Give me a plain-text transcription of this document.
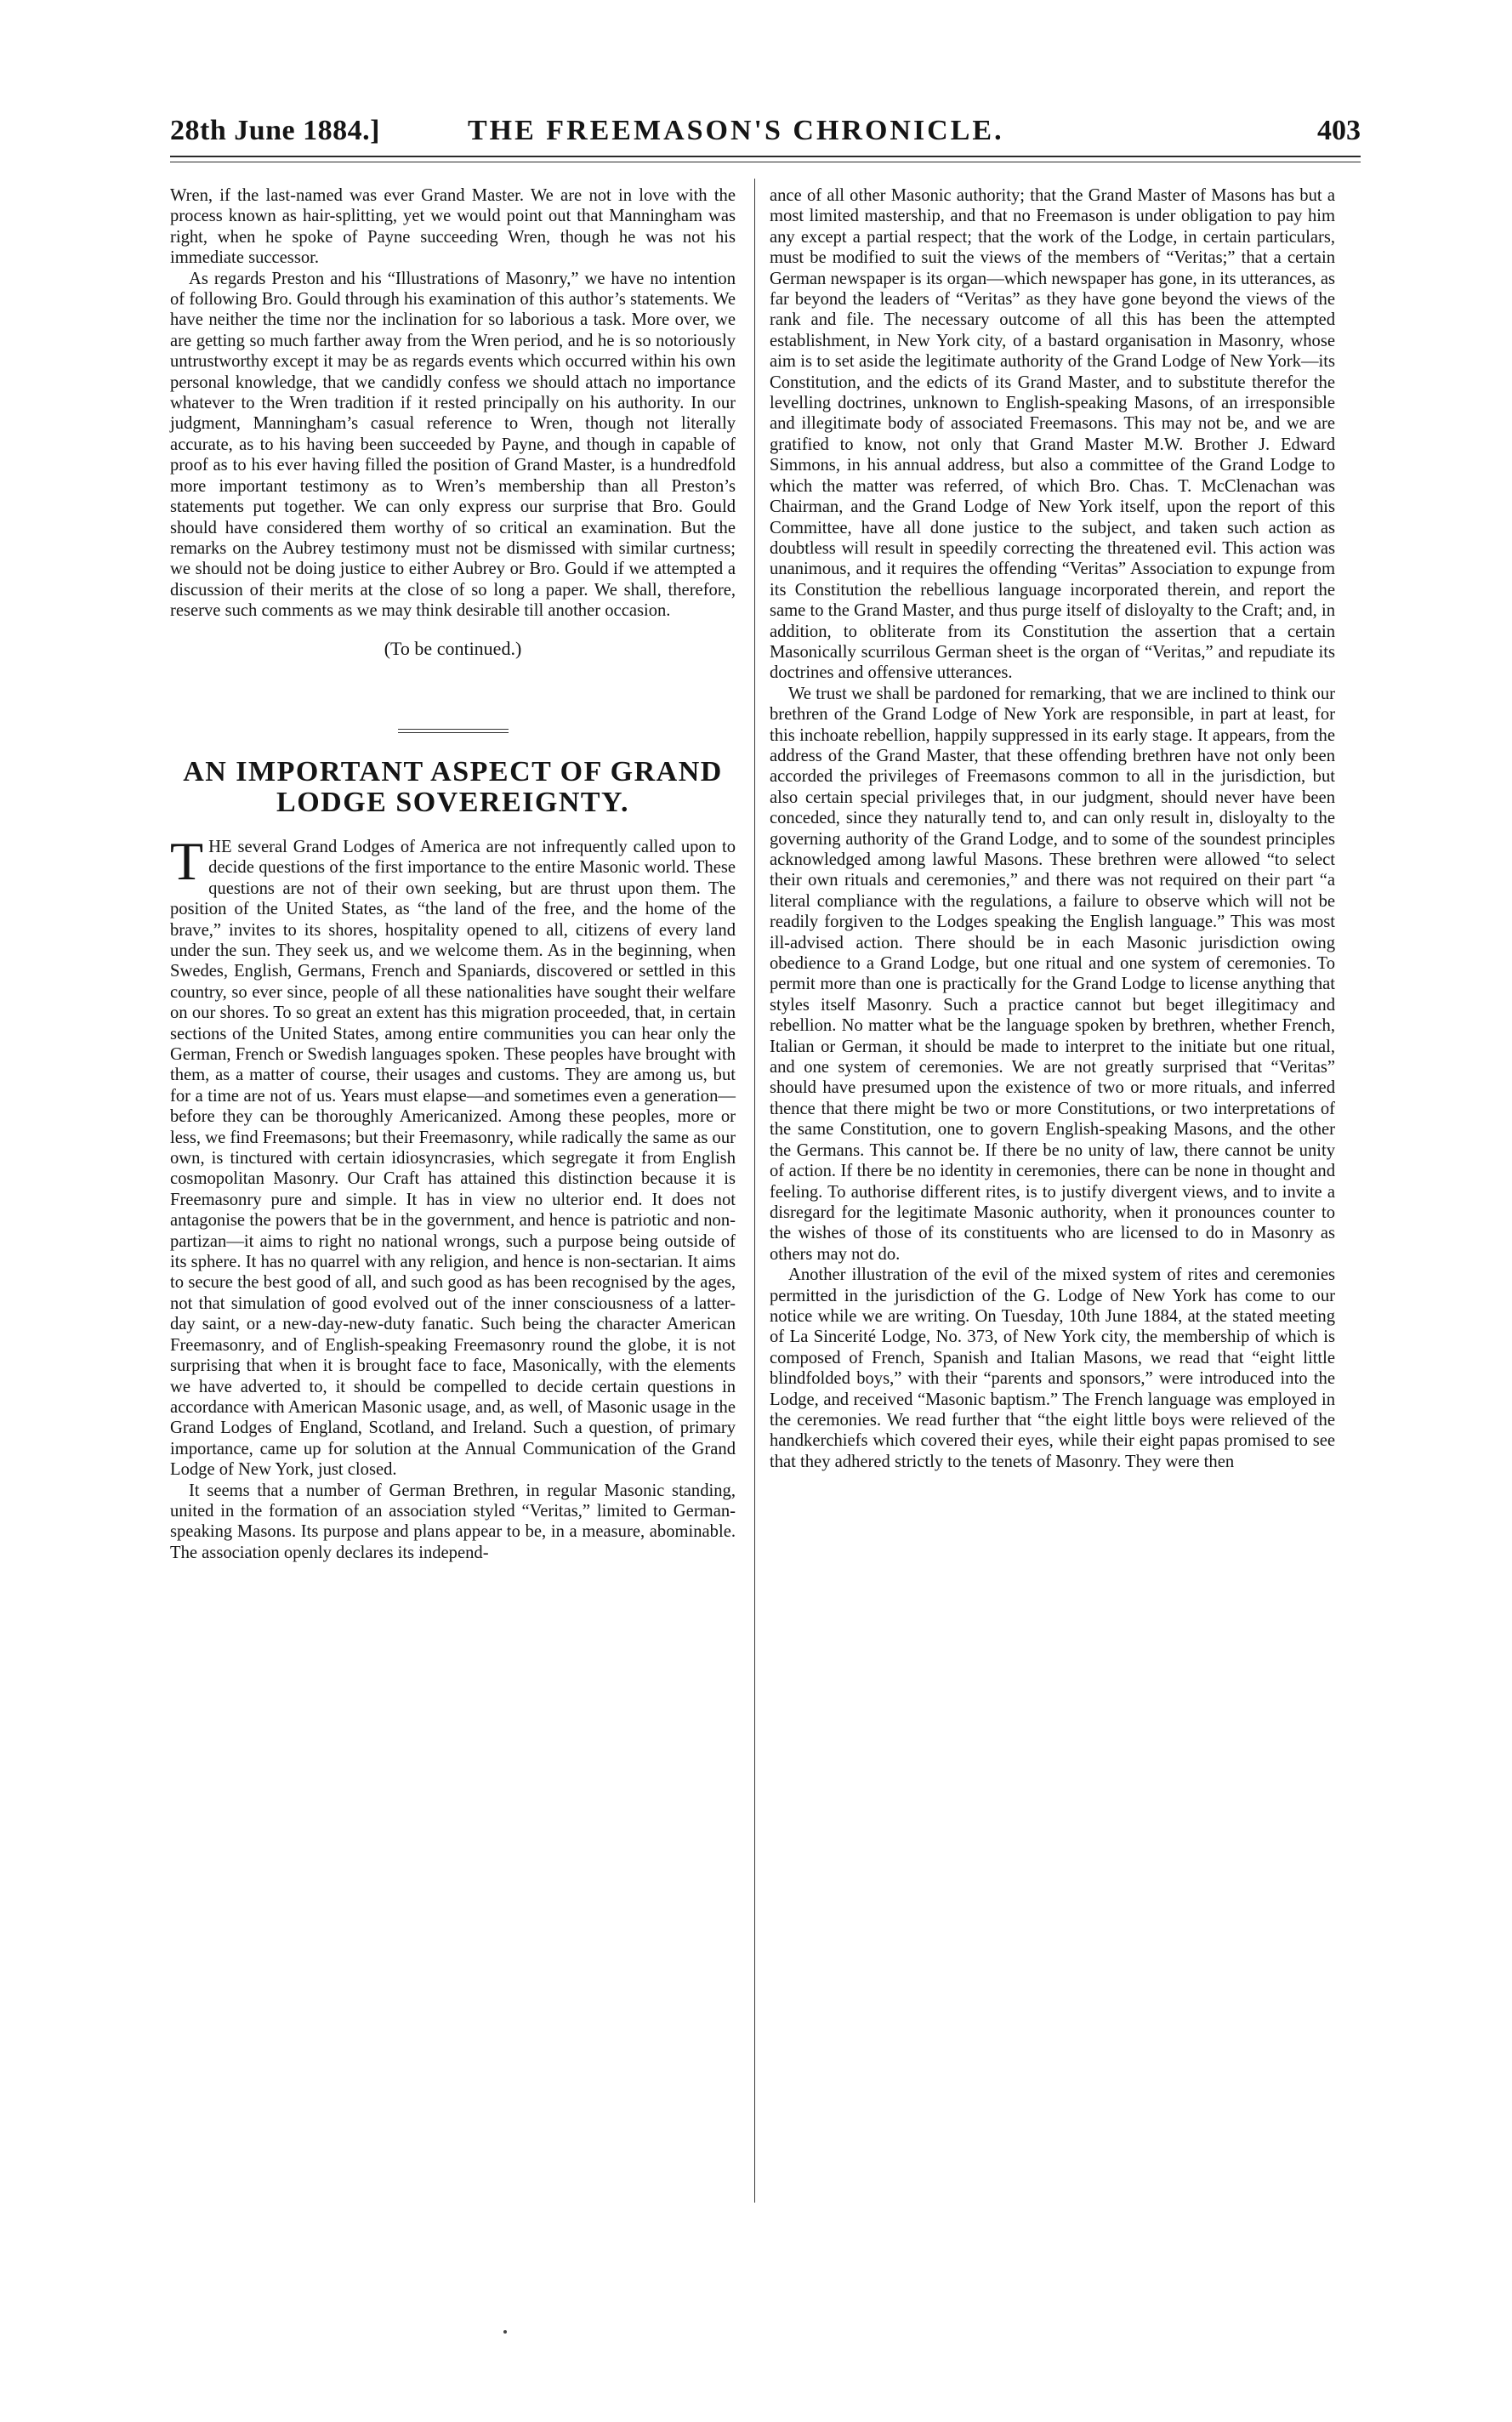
28th June 1884.]	THE FREEMASON'S CHRONICLE.	403

Wren, if the last-named was ever Grand Master. We are not in love with the process known as hair-splitting, yet we would point out that Manningham was right, when he spoke of Payne succeeding Wren, though he was not his immediate successor.

As regards Preston and his “Illustrations of Masonry,” we have no intention of following Bro. Gould through his examination of this author’s statements. We have neither the time nor the inclination for so laborious a task. More over, we are getting so much farther away from the Wren period, and he is so notoriously untrustworthy except it may be as regards events which occurred within his own personal knowledge, that we candidly confess we should attach no importance whatever to the Wren tradition if it rested principally on his authority. In our judgment, Manningham’s casual reference to Wren, though not literally accurate, as to his having been succeeded by Payne, and though in capable of proof as to his ever having filled the position of Grand Master, is a hundredfold more important testimony as to Wren’s membership than all Preston’s statements put together. We can only express our surprise that Bro. Gould should have considered them worthy of so critical an examination. But the remarks on the Aubrey testimony must not be dismissed with similar curtness; we should not be doing justice to either Aubrey or Bro. Gould if we attempted a discussion of their merits at the close of so long a paper. We shall, therefore, reserve such comments as we may think desirable till another occasion.

(To be continued.)

AN IMPORTANT ASPECT OF GRAND
LODGE SOVEREIGNTY.

THE several Grand Lodges of America are not infrequently called upon to decide questions of the first importance to the entire Masonic world. These questions are not of their own seeking, but are thrust upon them. The position of the United States, as “the land of the free, and the home of the brave,” invites to its shores, hospitality opened to all, citizens of every land under the sun. They seek us, and we welcome them. As in the beginning, when Swedes, English, Germans, French and Spaniards, discovered or settled in this country, so ever since, people of all these nationalities have sought their welfare on our shores. To so great an extent has this migration proceeded, that, in certain sections of the United States, among entire communities you can hear only the German, French or Swedish languages spoken. These peoples have brought with them, as a matter of course, their usages and customs. They are among us, but for a time are not of us. Years must elapse—and sometimes even a generation—before they can be thoroughly Americanized. Among these peoples, more or less, we find Freemasons; but their Freemasonry, while radically the same as our own, is tinctured with certain idiosyncrasies, which segregate it from English cosmopolitan Masonry. Our Craft has attained this distinction because it is Freemasonry pure and simple. It has in view no ulterior end. It does not antagonise the powers that be in the government, and hence is patriotic and non-partizan—it aims to right no national wrongs, such a purpose being outside of its sphere. It has no quarrel with any religion, and hence is non-sectarian. It aims to secure the best good of all, and such good as has been recognised by the ages, not that simulation of good evolved out of the inner consciousness of a latter-day saint, or a new-day-new-duty fanatic. Such being the character American Freemasonry, and of English-speaking Freemasonry round the globe, it is not surprising that when it is brought face to face, Masonically, with the elements we have adverted to, it should be compelled to decide certain questions in accordance with American Masonic usage, and, as well, of Masonic usage in the Grand Lodges of England, Scotland, and Ireland. Such a question, of primary importance, came up for solution at the Annual Communication of the Grand Lodge of New York, just closed.

It seems that a number of German Brethren, in regular Masonic standing, united in the formation of an association styled “Veritas,” limited to German-speaking Masons. Its purpose and plans appear to be, in a measure, abominable. The association openly declares its independ-

ance of all other Masonic authority; that the Grand Master of Masons has but a most limited mastership, and that no Freemason is under obligation to pay him any except a partial respect; that the work of the Lodge, in certain particulars, must be modified to suit the views of the members of “Veritas;” that a certain German newspaper is its organ—which newspaper has gone, in its utterances, as far beyond the leaders of “Veritas” as they have gone beyond the views of the rank and file. The necessary outcome of all this has been the attempted establishment, in New York city, of a bastard organisation in Masonry, whose aim is to set aside the legitimate authority of the Grand Lodge of New York—its Constitution, and the edicts of its Grand Master, and to substitute therefor the levelling doctrines, unknown to English-speaking Masons, of an irresponsible and illegitimate body of associated Freemasons. This may not be, and we are gratified to know, not only that Grand Master M.W. Brother J. Edward Simmons, in his annual address, but also a committee of the Grand Lodge to which the matter was referred, of which Bro. Chas. T. McClenachan was Chairman, and the Grand Lodge of New York itself, upon the report of this Committee, have all done justice to the subject, and taken such action as doubtless will result in speedily correcting the threatened evil. This action was unanimous, and it requires the offending “Veritas” Association to expunge from its Constitution the rebellious language incorporated therein, and report the same to the Grand Master, and thus purge itself of disloyalty to the Craft; and, in addition, to obliterate from its Constitution the assertion that a certain Masonically scurrilous German sheet is the organ of “Veritas,” and repudiate its doctrines and offensive utterances.

We trust we shall be pardoned for remarking, that we are inclined to think our brethren of the Grand Lodge of New York are responsible, in part at least, for this inchoate rebellion, happily suppressed in its early stage. It appears, from the address of the Grand Master, that these offending brethren have not only been accorded the privileges of Freemasons common to all in the jurisdiction, but also certain special privileges that, in our judgment, should never have been conceded, since they naturally tend to, and can only result in, disloyalty to the governing authority of the Grand Lodge, and to some of the soundest principles acknowledged among lawful Masons. These brethren were allowed “to select their own rituals and ceremonies,” and there was not required on their part “a literal compliance with the regulations, a failure to observe which will not be readily forgiven to the Lodges speaking the English language.” This was most ill-advised action. There should be in each Masonic jurisdiction owing obedience to a Grand Lodge, but one ritual and one system of ceremonies. To permit more than one is practically for the Grand Lodge to license anything that styles itself Masonry. Such a practice cannot but beget illegitimacy and rebellion. No matter what be the language spoken by brethren, whether French, Italian or German, it should be made to interpret to the initiate but one ritual, and one system of ceremonies. We are not greatly surprised that “Veritas” should have presumed upon the existence of two or more rituals, and inferred thence that there might be two or more Constitutions, or two interpretations of the same Constitution, one to govern English-speaking Masons, and the other the Germans. This cannot be. If there be no unity of law, there cannot be unity of action. If there be no identity in ceremonies, there can be none in thought and feeling. To authorise different rites, is to justify divergent views, and to invite a disregard for the legitimate Masonic authority, when it pronounces counter to the wishes of those of its constituents who are licensed to do in Masonry as others may not do.

Another illustration of the evil of the mixed system of rites and ceremonies permitted in the jurisdiction of the G. Lodge of New York has come to our notice while we are writing. On Tuesday, 10th June 1884, at the stated meeting of La Sincerité Lodge, No. 373, of New York city, the membership of which is composed of French, Spanish and Italian Masons, we read that “eight little blindfolded boys,” with their “parents and sponsors,” were introduced into the Lodge, and received “Masonic baptism.” The French language was employed in the ceremonies. We read further that “the eight little boys were relieved of the handkerchiefs which covered their eyes, while their eight papas promised to see that they adhered strictly to the tenets of Masonry. They were then
